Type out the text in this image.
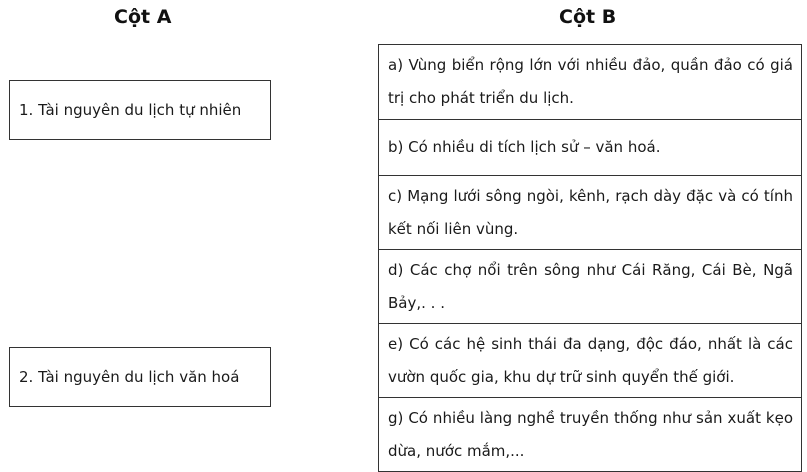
Cột A	Cột B
1. Tài nguyên du lịch tự nhiên
2. Tài nguyên du lịch văn hoá
a) Vùng biển rộng lớn với nhiều đảo, quần đảo có giá trị cho phát triển du lịch.
b) Có nhiều di tích lịch sử – văn hoá.
c) Mạng lưới sông ngòi, kênh, rạch dày đặc và có tính kết nối liên vùng.
d) Các chợ nổi trên sông như Cái Răng, Cái Bè, Ngã Bảy,. . .
e) Có các hệ sinh thái đa dạng, độc đáo, nhất là các vườn quốc gia, khu dự trữ sinh quyển thế giới.
g) Có nhiều làng nghề truyền thống như sản xuất kẹo dừa, nước mắm,...
